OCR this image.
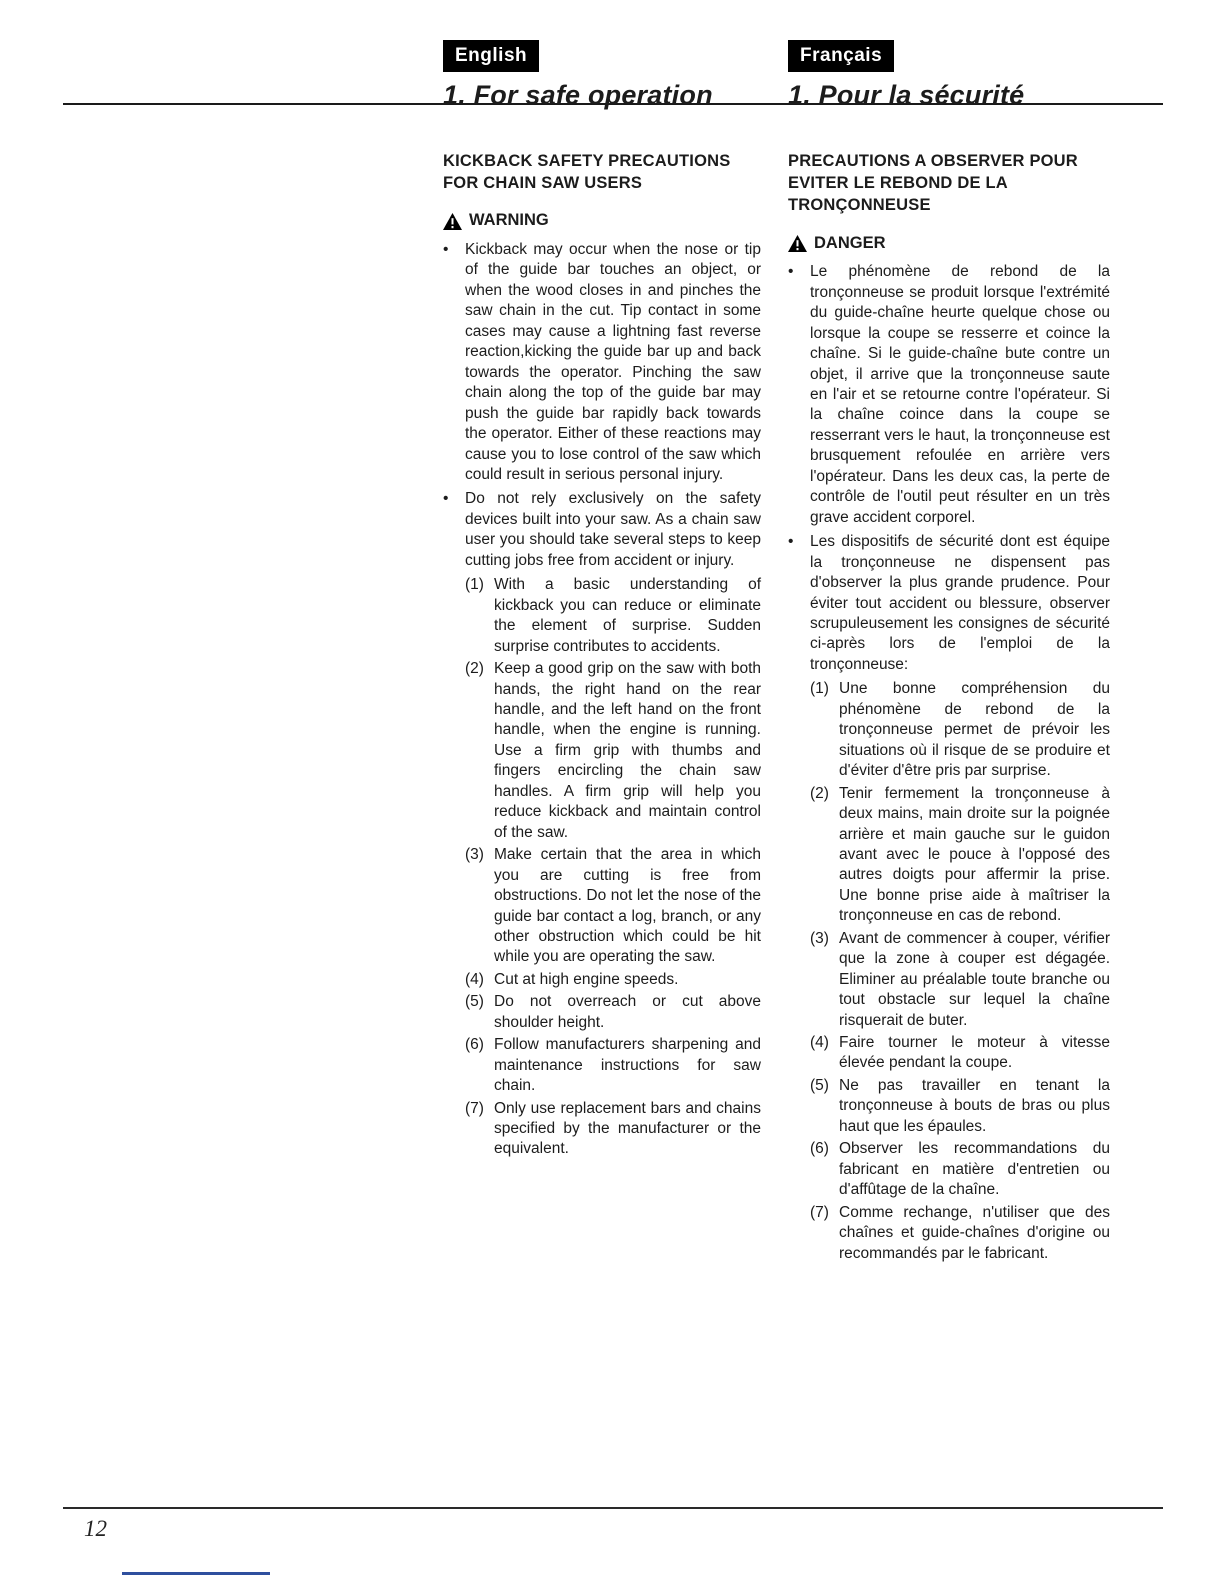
English
1. For safe operation
KICKBACK SAFETY PRECAUTIONS FOR CHAIN SAW USERS
WARNING
•	Kickback may occur when the nose or tip of the guide bar touches an object, or when the wood closes in and pinches the saw chain in the cut. Tip contact in some cases may cause a lightning fast reverse reaction,kicking the guide bar up and back towards the operator. Pinching the saw chain along the top of the guide bar may push the guide bar rapidly back towards the operator. Either of these reactions may cause you to lose control of the saw which could result in serious personal injury.
•	Do not rely exclusively on the safety devices built into your saw. As a chain saw user you should take several steps to keep cutting jobs free from accident or injury.
(1) With a basic understanding of kickback you can reduce or eliminate the element of surprise. Sudden surprise contributes to accidents.
(2) Keep a good grip on the saw with both hands, the right hand on the rear handle, and the left hand on the front handle, when the engine is running. Use a firm grip with thumbs and fingers encircling the chain saw handles. A firm grip will help you reduce kickback and maintain control of the saw.
(3) Make certain that the area in which you are cutting is free from obstructions. Do not let the nose of the guide bar contact a log, branch, or any other obstruction which could be hit while you are operating the saw.
(4) Cut at high engine speeds.
(5) Do not overreach or cut above shoulder height.
(6) Follow manufacturers sharpening and maintenance instructions for saw chain.
(7) Only use replacement bars and chains specified by the manufacturer or the equivalent.
Français
1. Pour la sécurité
PRECAUTIONS A OBSERVER POUR EVITER LE REBOND DE LA TRONÇONNEUSE
DANGER
•	Le phénomène de rebond de la tronçonneuse se produit lorsque l'extrémité du guide-chaîne heurte quelque chose ou lorsque la coupe se resserre et coince la chaîne. Si le guide-chaîne bute contre un objet, il arrive que la tronçonneuse saute en l'air et se retourne contre l'opérateur. Si la chaîne coince dans la coupe se resserrant vers le haut, la tronçonneuse est brusquement refoulée en arrière vers l'opérateur. Dans les deux cas, la perte de contrôle de l'outil peut résulter en un très grave accident corporel.
•	Les dispositifs de sécurité dont est équipe la tronçonneuse ne dispensent pas d'observer la plus grande prudence. Pour éviter tout accident ou blessure, observer scrupuleusement les consignes de sécurité ci-après lors de l'emploi de la tronçonneuse:
(1) Une bonne compréhension du phénomène de rebond de la tronçonneuse permet de prévoir les situations où il risque de se produire et d'éviter d'être pris par surprise.
(2) Tenir fermement la tronçonneuse à deux mains, main droite sur la poignée arrière et main gauche sur le guidon avant avec le pouce à l'opposé des autres doigts pour affermir la prise. Une bonne prise aide à maîtriser la tronçonneuse en cas de rebond.
(3) Avant de commencer à couper, vérifier que la zone à couper est dégagée. Eliminer au préalable toute branche ou tout obstacle sur lequel la chaîne risquerait de buter.
(4) Faire tourner le moteur à vitesse élevée pendant la coupe.
(5) Ne pas travailler en tenant la tronçonneuse à bouts de bras ou plus haut que les épaules.
(6) Observer les recommandations du fabricant en matière d'entretien ou d'affûtage de la chaîne.
(7) Comme rechange, n'utiliser que des chaînes et guide-chaînes d'origine ou recommandés par le fabricant.
12
